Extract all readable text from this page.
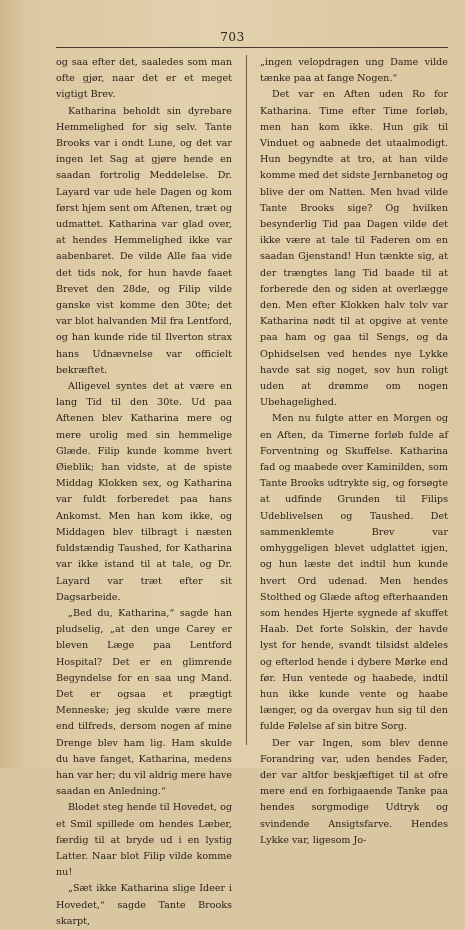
703

og saa efter det, saaledes som man ofte gjør, naar det er et meget vigtigt Brev.

Katharina beholdt sin dyrebare Hemmelighed for sig selv. Tante Brooks var i ondt Lune, og det var ingen let Sag at gjøre hende en saadan fortrolig Meddelelse. Dr. Layard var ude hele Dagen og kom først hjem sent om Aftenen, træt og udmattet. Katharina var glad over, at hendes Hemmelighed ikke var aabenbaret. De vilde Alle faa vide det tids nok, for hun havde faaet Brevet den 28de, og Filip vilde ganske vist komme den 30te; det var blot halvanden Mil fra Lentford, og han kunde ride til Ilverton strax hans Udnævnelse var officielt bekræftet.

Alligevel syntes det at være en lang Tid til den 30te. Ud paa Aftenen blev Katharina mere og mere urolig med sin hemmelige Glæde. Filip kunde komme hvert Øieblik; han vidste, at de spiste Middag Klokken sex, og Katharina var fuldt forberedet paa hans Ankomst. Men han kom ikke, og Middagen blev tilbragt i næsten fuldstændig Taushed, for Katharina var ikke istand til at tale, og Dr. Layard var træt efter sit Dagsarbeide.

„Bed du, Katharina,“ sagde han pludselig, „at den unge Carey er bleven Læge paa Lentford Hospital? Det er en glimrende Begyndelse for en saa ung Mand. Det er ogsaa et prægtigt Menneske; jeg skulde være mere end tilfreds, dersom nogen af mine Drenge blev ham lig. Ham skulde du have fanget, Katharina, medens han var her; du vil aldrig mere have saadan en Anledning.“

Blodet steg hende til Hovedet, og et Smil spillede om hendes Læber, færdig til at bryde ud i en lystig Latter. Naar blot Filip vilde komme nu!

„Sæt ikke Katharina slige Ideer i Hovedet,“ sagde Tante Brooks skarpt,

„ingen velopdragen ung Dame vilde tænke paa at fange Nogen.“

Det var en Aften uden Ro for Katharina. Time efter Time forløb, men han kom ikke. Hun gik til Vinduet og aabnede det utaalmodigt. Hun begyndte at tro, at han vilde komme med det sidste Jernbanetog og blive der om Natten. Men hvad vilde Tante Brooks sige? Og hvilken besynderlig Tid paa Dagen vilde det ikke være at tale til Faderen om en saadan Gjenstand! Hun tænkte sig, at der trængtes lang Tid baade til at forberede den og siden at overlægge den. Men efter Klokken halv tolv var Katharina nødt til at opgive at vente paa ham og gaa til Sengs, og da Ophidselsen ved hendes nye Lykke havde sat sig noget, sov hun roligt uden at drømme om nogen Ubehagelighed.

Men nu fulgte atter en Morgen og en Aften, da Timerne forløb fulde af Forventning og Skuffelse. Katharina fad og maabede over Kaminilden, som Tante Brooks udtrykte sig, og forsøgte at udfinde Grunden til Filips Udeblivelsen og Taushed. Det sammenklemte Brev var omhyggeligen blevet udglattet igjen, og hun læste det indtil hun kunde hvert Ord udenad. Men hendes Stolthed og Glæde aftog efterhaanden som hendes Hjerte sygnede af skuffet Haab. Det forte Solskin, der havde lyst for hende, svandt tilsidst aldeles og efterlod hende i dybere Mørke end før. Hun ventede og haabede, indtil hun ikke kunde vente og haabe længer, og da overgav hun sig til den fulde Følelse af sin bitre Sorg.

Der var Ingen, som blev denne Forandring var, uden hendes Fader, der var altfor beskjæftiget til at ofre mere end en forbigaaende Tanke paa hendes sorgmodige Udtryk og svindende Ansigtsfarve. Hendes Lykke var, ligesom Jo-
